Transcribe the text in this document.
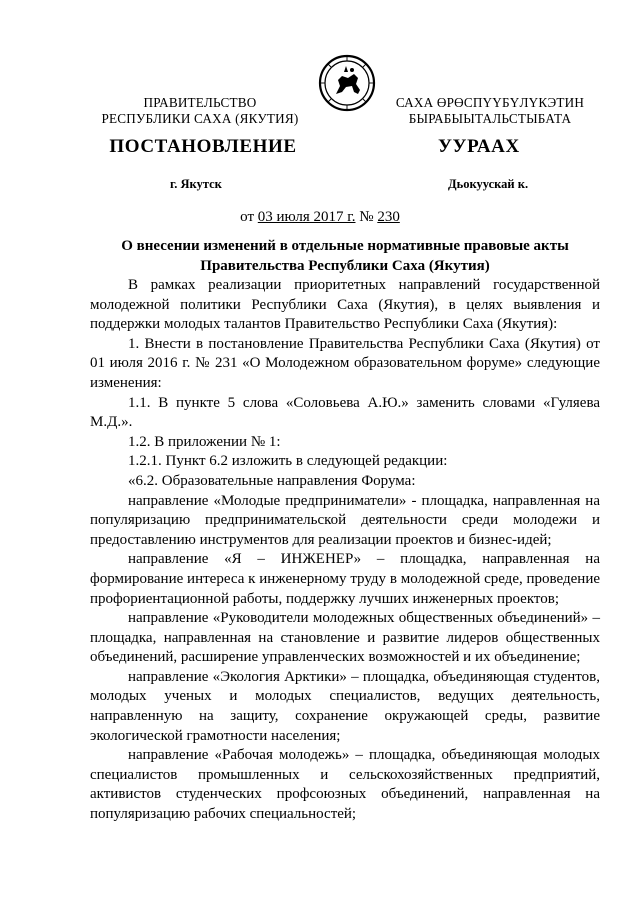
ПРАВИТЕЛЬСТВО
РЕСПУБЛИКИ САХА (ЯКУТИЯ)
САХА ӨРӨСПҮҮБҮЛҮКЭТИН
БЫРАБЫЫТАЛЬСТЫБАТА
ПОСТАНОВЛЕНИЕ	УУРААХ
г. Якутск	Дьокуускай к.
от 03 июля 2017 г. № 230
О внесении изменений в отдельные нормативные правовые акты
Правительства Республики Саха (Якутия)

В рамках реализации приоритетных направлений государственной молодежной политики Республики Саха (Якутия), в целях выявления и поддержки молодых талантов Правительство Республики Саха (Якутия):

1. Внести в постановление Правительства Республики Саха (Якутия) от 01 июля 2016 г. № 231 «О Молодежном образовательном форуме» следующие изменения:

1.1. В пункте 5 слова «Соловьева А.Ю.» заменить словами «Гуляева М.Д.».

1.2. В приложении № 1:

1.2.1. Пункт 6.2 изложить в следующей редакции:

«6.2. Образовательные направления Форума:

направление «Молодые предприниматели» - площадка, направленная на популяризацию предпринимательской деятельности среди молодежи и предоставлению инструментов для реализации проектов и бизнес-идей;

направление «Я – ИНЖЕНЕР» – площадка, направленная на формирование интереса к инженерному труду в молодежной среде, проведение профориентационной работы, поддержку лучших инженерных проектов;

направление «Руководители молодежных общественных объединений» – площадка, направленная на становление и развитие лидеров общественных объединений, расширение управленческих возможностей и их объединение;

направление «Экология Арктики» – площадка, объединяющая студентов, молодых ученых и молодых специалистов, ведущих деятельность, направленную на защиту, сохранение окружающей среды, развитие экологической грамотности населения;

направление «Рабочая молодежь» – площадка, объединяющая молодых специалистов промышленных и сельскохозяйственных предприятий, активистов студенческих профсоюзных объединений, направленная на популяризацию рабочих специальностей;
